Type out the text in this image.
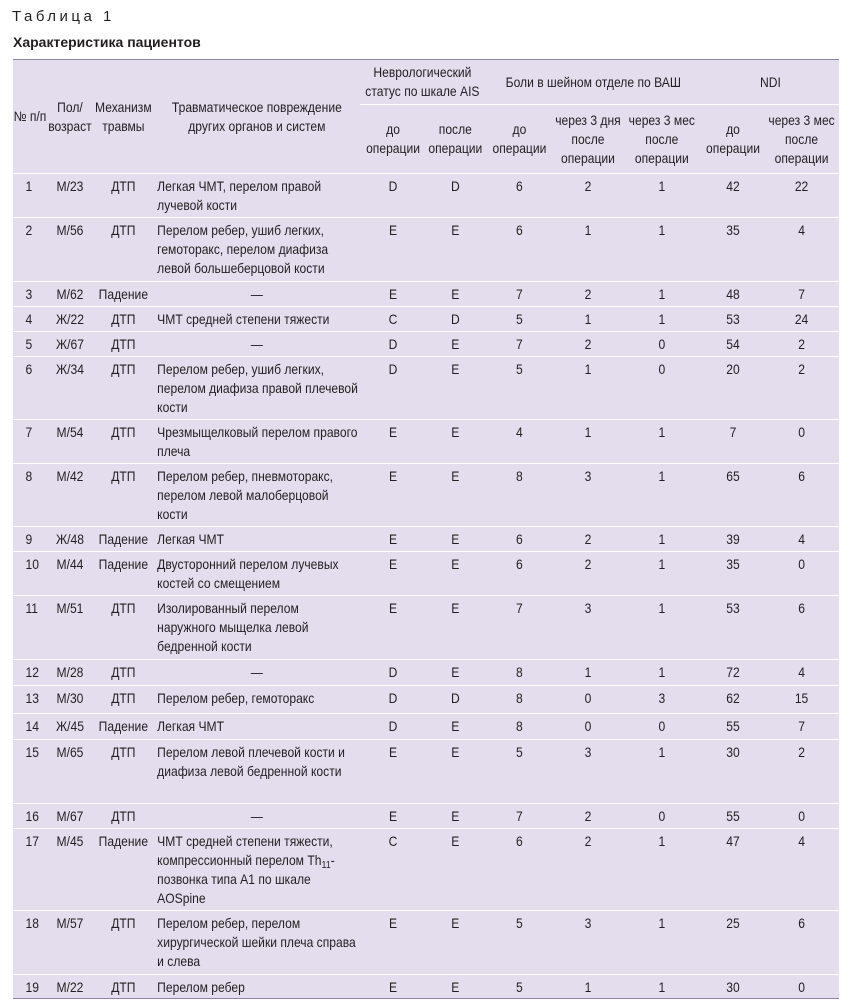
Таблица 1
Характеристика пациентов
№ п/п	Пол/ возраст	Механизм травмы	Травматическое повреждение других органов и систем	Неврологический статус по шкале AIS		Боли в шейном отделе по ВАШ			NDI	
				до операции	после операции	до операции	через 3 дня после операции	через 3 мес после операции	до операции	через 3 мес после операции
1	М/23	ДТП	Легкая ЧМТ, перелом правой лучевой кости	D	D	6	2	1	42	22
2	М/56	ДТП	Перелом ребер, ушиб легких, гемоторакс, перелом диафиза левой большеберцовой кости	E	E	6	1	1	35	4
3	М/62	Падение	—	E	E	7	2	1	48	7
4	Ж/22	ДТП	ЧМТ средней степени тяжести	C	D	5	1	1	53	24
5	Ж/67	ДТП	—	D	E	7	2	0	54	2
6	Ж/34	ДТП	Перелом ребер, ушиб легких, перелом диафиза правой плечевой кости	D	E	5	1	0	20	2
7	М/54	ДТП	Чрезмыщелковый перелом правого плеча	E	E	4	1	1	7	0
8	М/42	ДТП	Перелом ребер, пневмоторакс, перелом левой малоберцовой кости	E	E	8	3	1	65	6
9	Ж/48	Падение	Легкая ЧМТ	E	E	6	2	1	39	4
10	М/44	Падение	Двусторонний перелом лучевых костей со смещением	E	E	6	2	1	35	0
11	М/51	ДТП	Изолированный перелом наружного мыщелка левой бедренной кости	E	E	7	3	1	53	6
12	М/28	ДТП	—	D	E	8	1	1	72	4
13	М/30	ДТП	Перелом ребер, гемоторакс	D	D	8	0	3	62	15
14	Ж/45	Падение	Легкая ЧМТ	D	E	8	0	0	55	7
15	М/65	ДТП	Перелом левой плечевой кости и диафиза левой бедренной кости	E	E	5	3	1	30	2
16	М/67	ДТП	—	E	E	7	2	0	55	0
17	М/45	Падение	ЧМТ средней степени тяжести, компрессионный перелом $Th_{11}$-позвонка типа А1 по шкале AOSpine	C	E	6	2	1	47	4
18	М/57	ДТП	Перелом ребер, перелом хирургической шейки плеча справа и слева	E	E	5	3	1	25	6
19	М/22	ДТП	Перелом ребер	E	E	5	1	1	30	0
